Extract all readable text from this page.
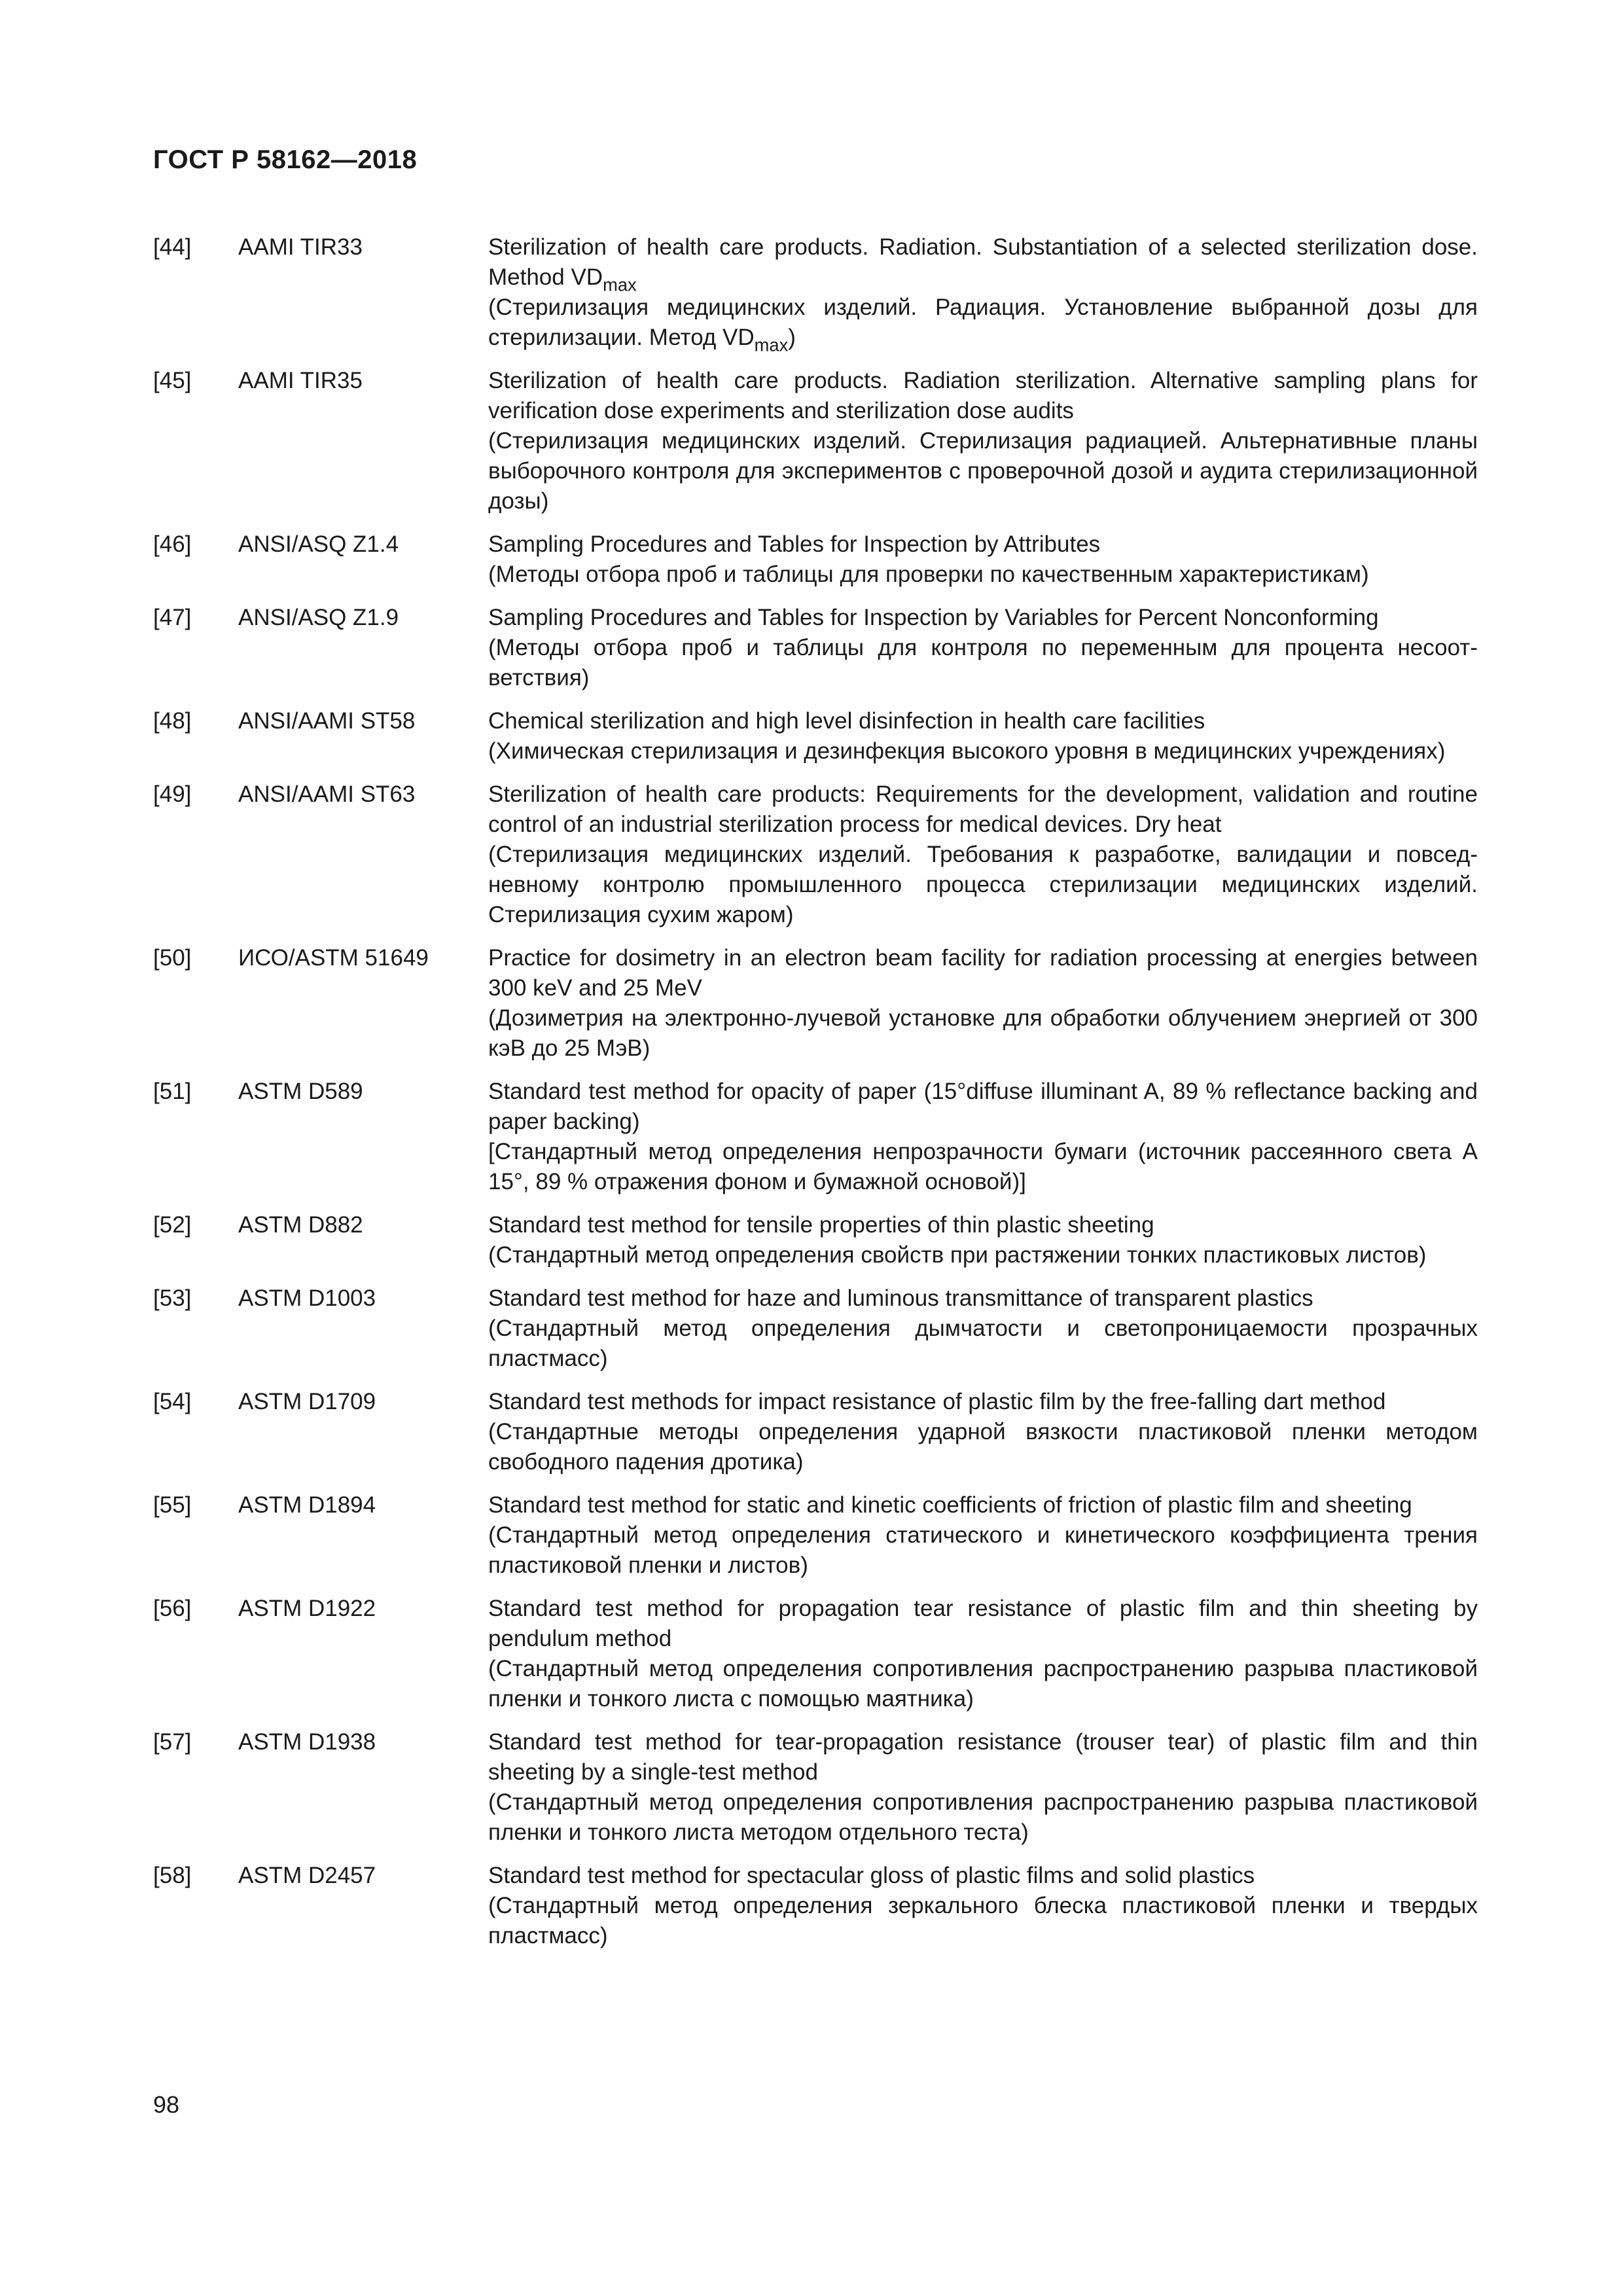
ГОСТ Р 58162—2018
[44]	AAMI TIR33	Sterilization of health care products. Radiation. Substantiation of a selected sterilization dose. Method $VD_{max}$

(Стерилизация медицинских изделий. Радиация. Установление выбранной дозы для стерилизации. Метод $VD_{max}$)

[45]	AAMI TIR35	Sterilization of health care products. Radiation sterilization. Alternative sampling plans for verification dose experiments and sterilization dose audits

(Стерилизация медицинских изделий. Стерилизация радиацией. Альтернативные планы выборочного контроля для экспериментов с проверочной дозой и аудита стерилизационной дозы)

[46]	ANSI/ASQ Z1.4	Sampling Procedures and Tables for Inspection by Attributes

(Методы отбора проб и таблицы для проверки по качественным характеристикам)

[47]	ANSI/ASQ Z1.9	Sampling Procedures and Tables for Inspection by Variables for Percent Nonconforming

(Методы отбора проб и таблицы для контроля по переменным для процента несоответствия)

[48]	ANSI/AAMI ST58	Chemical sterilization and high level disinfection in health care facilities

(Химическая стерилизация и дезинфекция высокого уровня в медицинских учреждениях)

[49]	ANSI/AAMI ST63	Sterilization of health care products: Requirements for the development, validation and routine control of an industrial sterilization process for medical devices. Dry heat

(Стерилизация медицинских изделий. Требования к разработке, валидации и повседневному контролю промышленного процесса стерилизации медицинских изделий. Стерилизация сухим жаром)

[50]	ИСО/ASTM 51649	Practice for dosimetry in an electron beam facility for radiation processing at energies between 300 keV and 25 MeV

(Дозиметрия на электронно-лучевой установке для обработки облучением энергией от 300 кэВ до 25 МэВ)

[51]	ASTM D589	Standard test method for opacity of paper (15°diffuse illuminant A, 89 % reflectance backing and paper backing)

[Стандартный метод определения непрозрачности бумаги (источник рассеянного света А 15°, 89 % отражения фоном и бумажной основой)]

[52]	ASTM D882	Standard test method for tensile properties of thin plastic sheeting

(Стандартный метод определения свойств при растяжении тонких пластиковых листов)

[53]	ASTM D1003	Standard test method for haze and luminous transmittance of transparent plastics

(Стандартный метод определения дымчатости и светопроницаемости прозрачных пластмасс)

[54]	ASTM D1709	Standard test methods for impact resistance of plastic film by the free-falling dart method

(Стандартные методы определения ударной вязкости пластиковой пленки методом свободного падения дротика)

[55]	ASTM D1894	Standard test method for static and kinetic coefficients of friction of plastic film and sheeting

(Стандартный метод определения статического и кинетического коэффициента трения пластиковой пленки и листов)

[56]	ASTM D1922	Standard test method for propagation tear resistance of plastic film and thin sheeting by pendulum method

(Стандартный метод определения сопротивления распространению разрыва пластиковой пленки и тонкого листа с помощью маятника)

[57]	ASTM D1938	Standard test method for tear-propagation resistance (trouser tear) of plastic film and thin sheeting by a single-test method

(Стандартный метод определения сопротивления распространению разрыва пластиковой пленки и тонкого листа методом отдельного теста)

[58]	ASTM D2457	Standard test method for spectacular gloss of plastic films and solid plastics

(Стандартный метод определения зеркального блеска пластиковой пленки и твердых пластмасс)

98
